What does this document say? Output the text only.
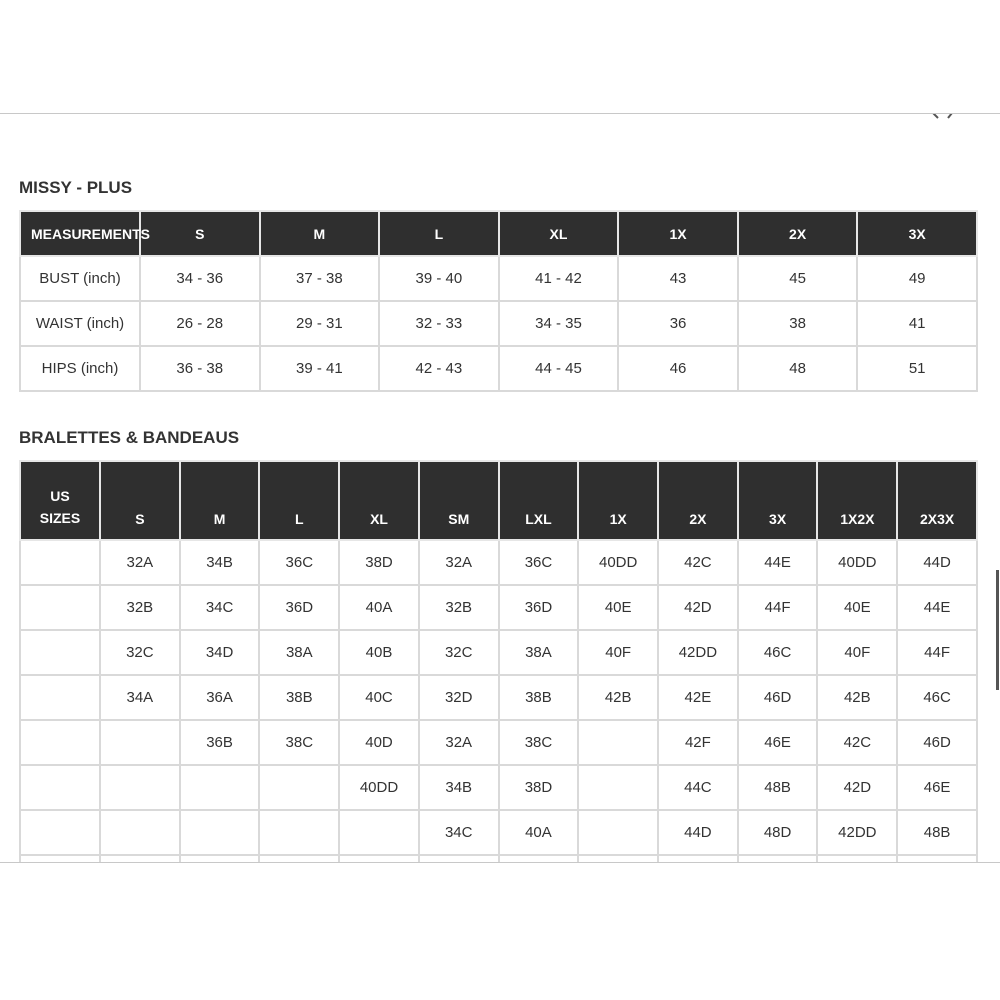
MISSY - PLUS
MEASUREMENTS	S	M	L	XL	1X	2X	3X
BUST (inch)	34 - 36	37 - 38	39 - 40	41 - 42	43	45	49
WAIST (inch)	26 - 28	29 - 31	32 - 33	34 - 35	36	38	41
HIPS (inch)	36 - 38	39 - 41	42 - 43	44 - 45	46	48	51
BRALETTES & BANDEAUS
US SIZES	S	M	L	XL	SM	LXL	1X	2X	3X	1X2X	2X3X
	32A	34B	36C	38D	32A	36C	40DD	42C	44E	40DD	44D
	32B	34C	36D	40A	32B	36D	40E	42D	44F	40E	44E
	32C	34D	38A	40B	32C	38A	40F	42DD	46C	40F	44F
	34A	36A	38B	40C	32D	38B	42B	42E	46D	42B	46C
		36B	38C	40D	32A	38C		42F	46E	42C	46D
				40DD	34B	38D		44C	48B	42D	46E
					34C	40A		44D	48D	42DD	48B
